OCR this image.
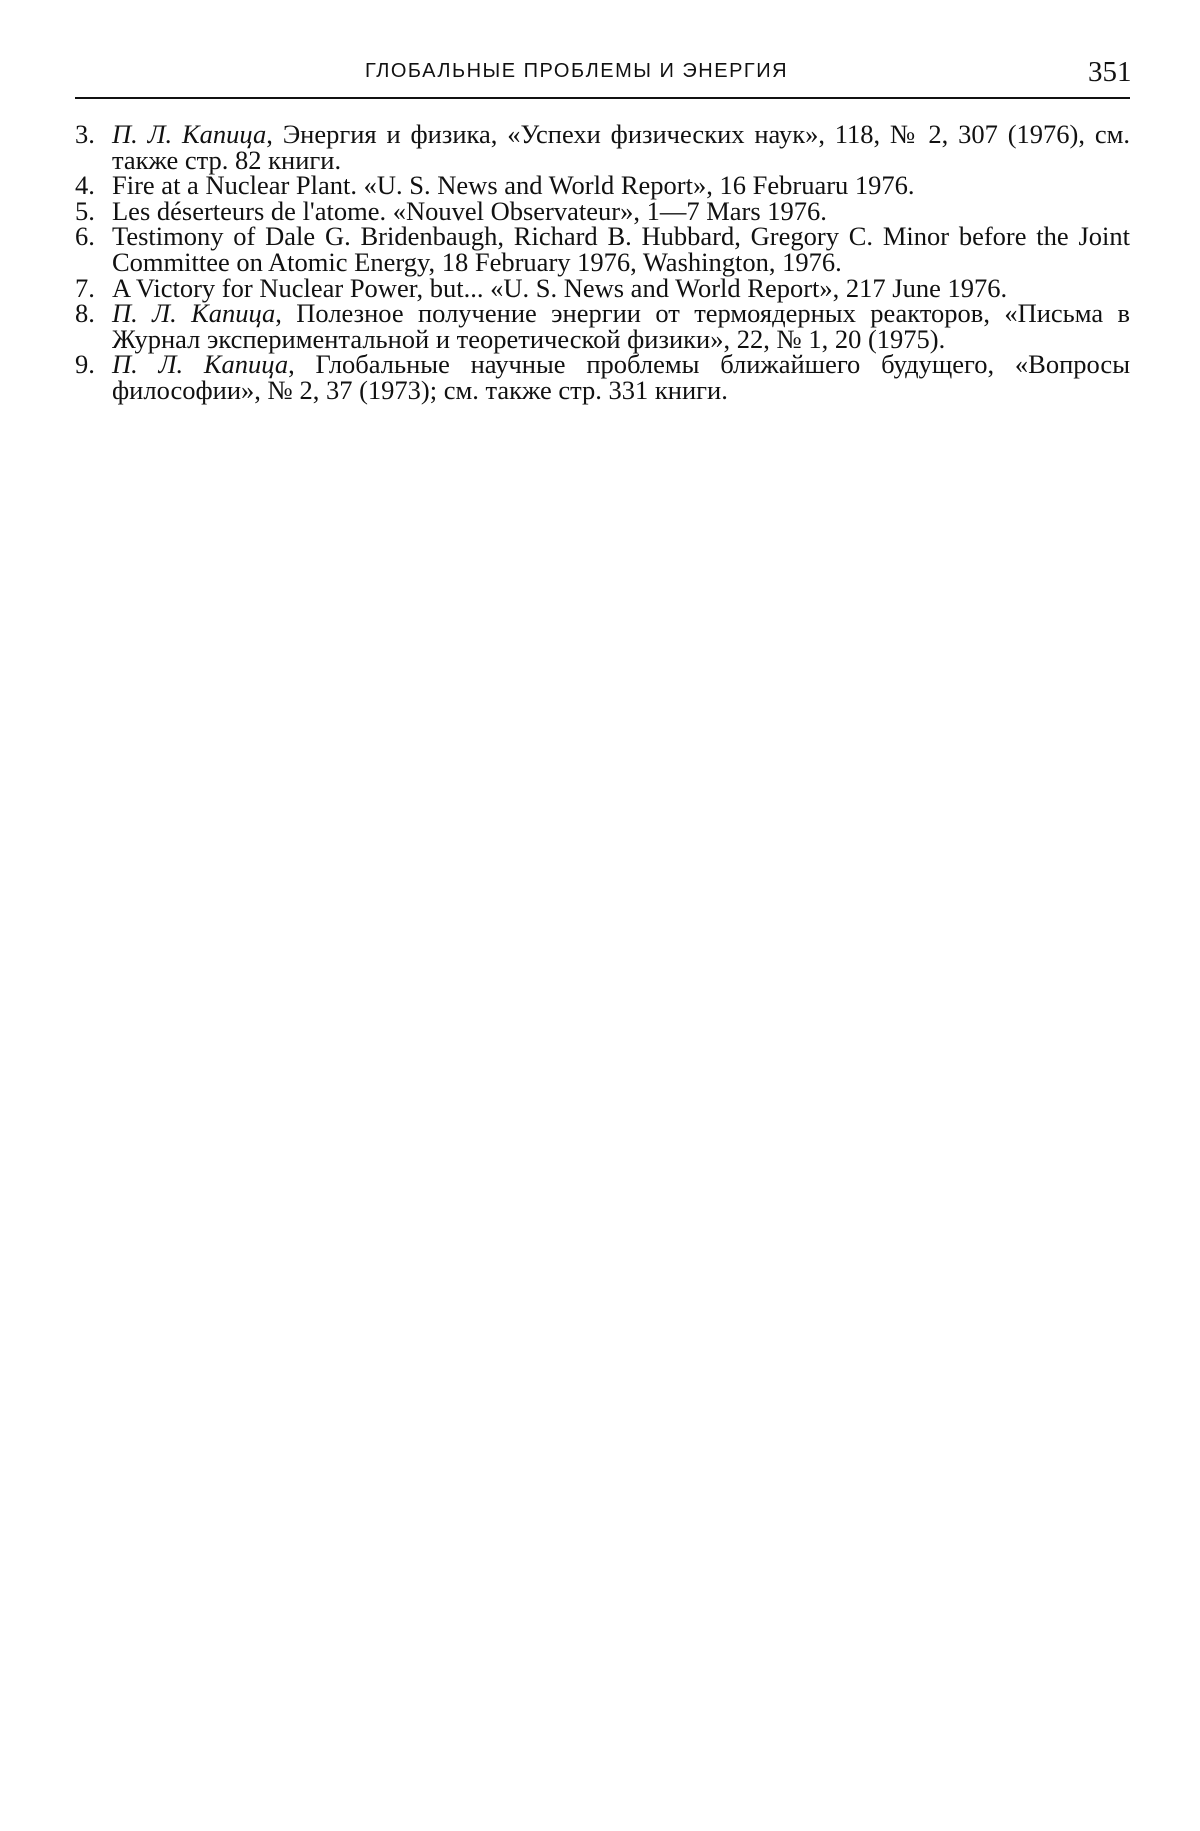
ГЛОБАЛЬНЫЕ ПРОБЛЕМЫ И ЭНЕРГИЯ	351
3. П. Л. Капица, Энергия и физика, «Успехи физических наук», 118, № 2, 307 (1976), см. также стр. 82 книги.
4. Fire at a Nuclear Plant. «U. S. News and World Report», 16 Februaru 1976.
5. Les déserteurs de l'atome. «Nouvel Observateur», 1—7 Mars 1976.
6. Testimony of Dale G. Bridenbaugh, Richard B. Hubbard, Gregory C. Minor before the Joint Committee on Atomic Energy, 18 February 1976, Washington, 1976.
7. A Victory for Nuclear Power, but... «U. S. News and World Report», 217 June 1976.
8. П. Л. Капица, Полезное получение энергии от термоядерных реакторов, «Письма в Журнал экспериментальной и теоретической физики», 22, № 1, 20 (1975).
9. П. Л. Капица, Глобальные научные проблемы ближайшего будущего, «Вопросы философии», № 2, 37 (1973); см. также стр. 331 книги.
